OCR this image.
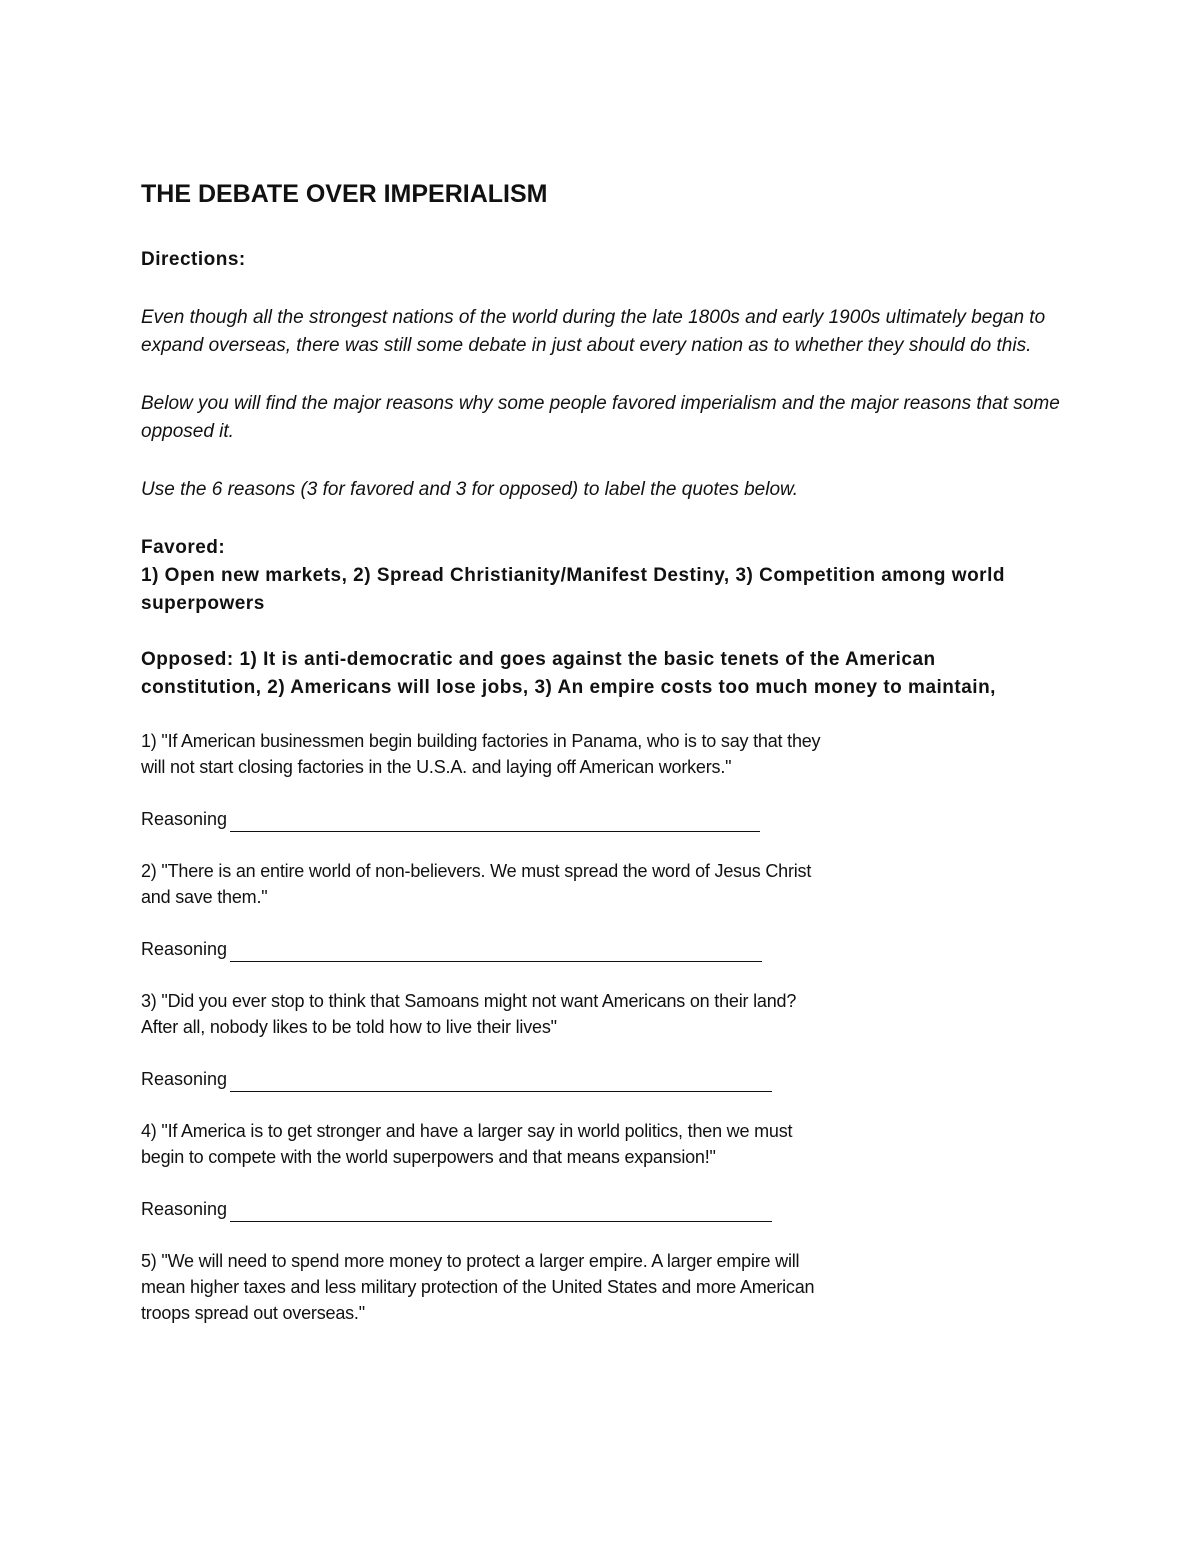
THE DEBATE OVER IMPERIALISM

Directions:

Even though all the strongest nations of the world during the late 1800s and early 1900s ultimately began to expand overseas, there was still some debate in just about every nation as to whether they should do this.

Below you will find the major reasons why some people favored imperialism and the major reasons that some opposed it.

Use the 6 reasons (3 for favored and 3 for opposed) to label the quotes below.

Favored:

1) Open new markets, 2) Spread Christianity/Manifest Destiny, 3) Competition among world superpowers

Opposed: 1) It is anti-democratic and goes against the basic tenets of the American constitution, 2) Americans will lose jobs, 3) An empire costs too much money to maintain,

1) "If American businessmen begin building factories in Panama, who is to say that they

will not start closing factories in the U.S.A. and laying off American workers."

Reasoning

2) "There is an entire world of non-believers. We must spread the word of Jesus Christ

and save them."

Reasoning

3) "Did you ever stop to think that Samoans might not want Americans on their land?

After all, nobody likes to be told how to live their lives"

Reasoning

4) "If America is to get stronger and have a larger say in world politics, then we must

begin to compete with the world superpowers and that means expansion!"

Reasoning

5) "We will need to spend more money to protect a larger empire. A larger empire will

mean higher taxes and less military protection of the United States and more American

troops spread out overseas."
